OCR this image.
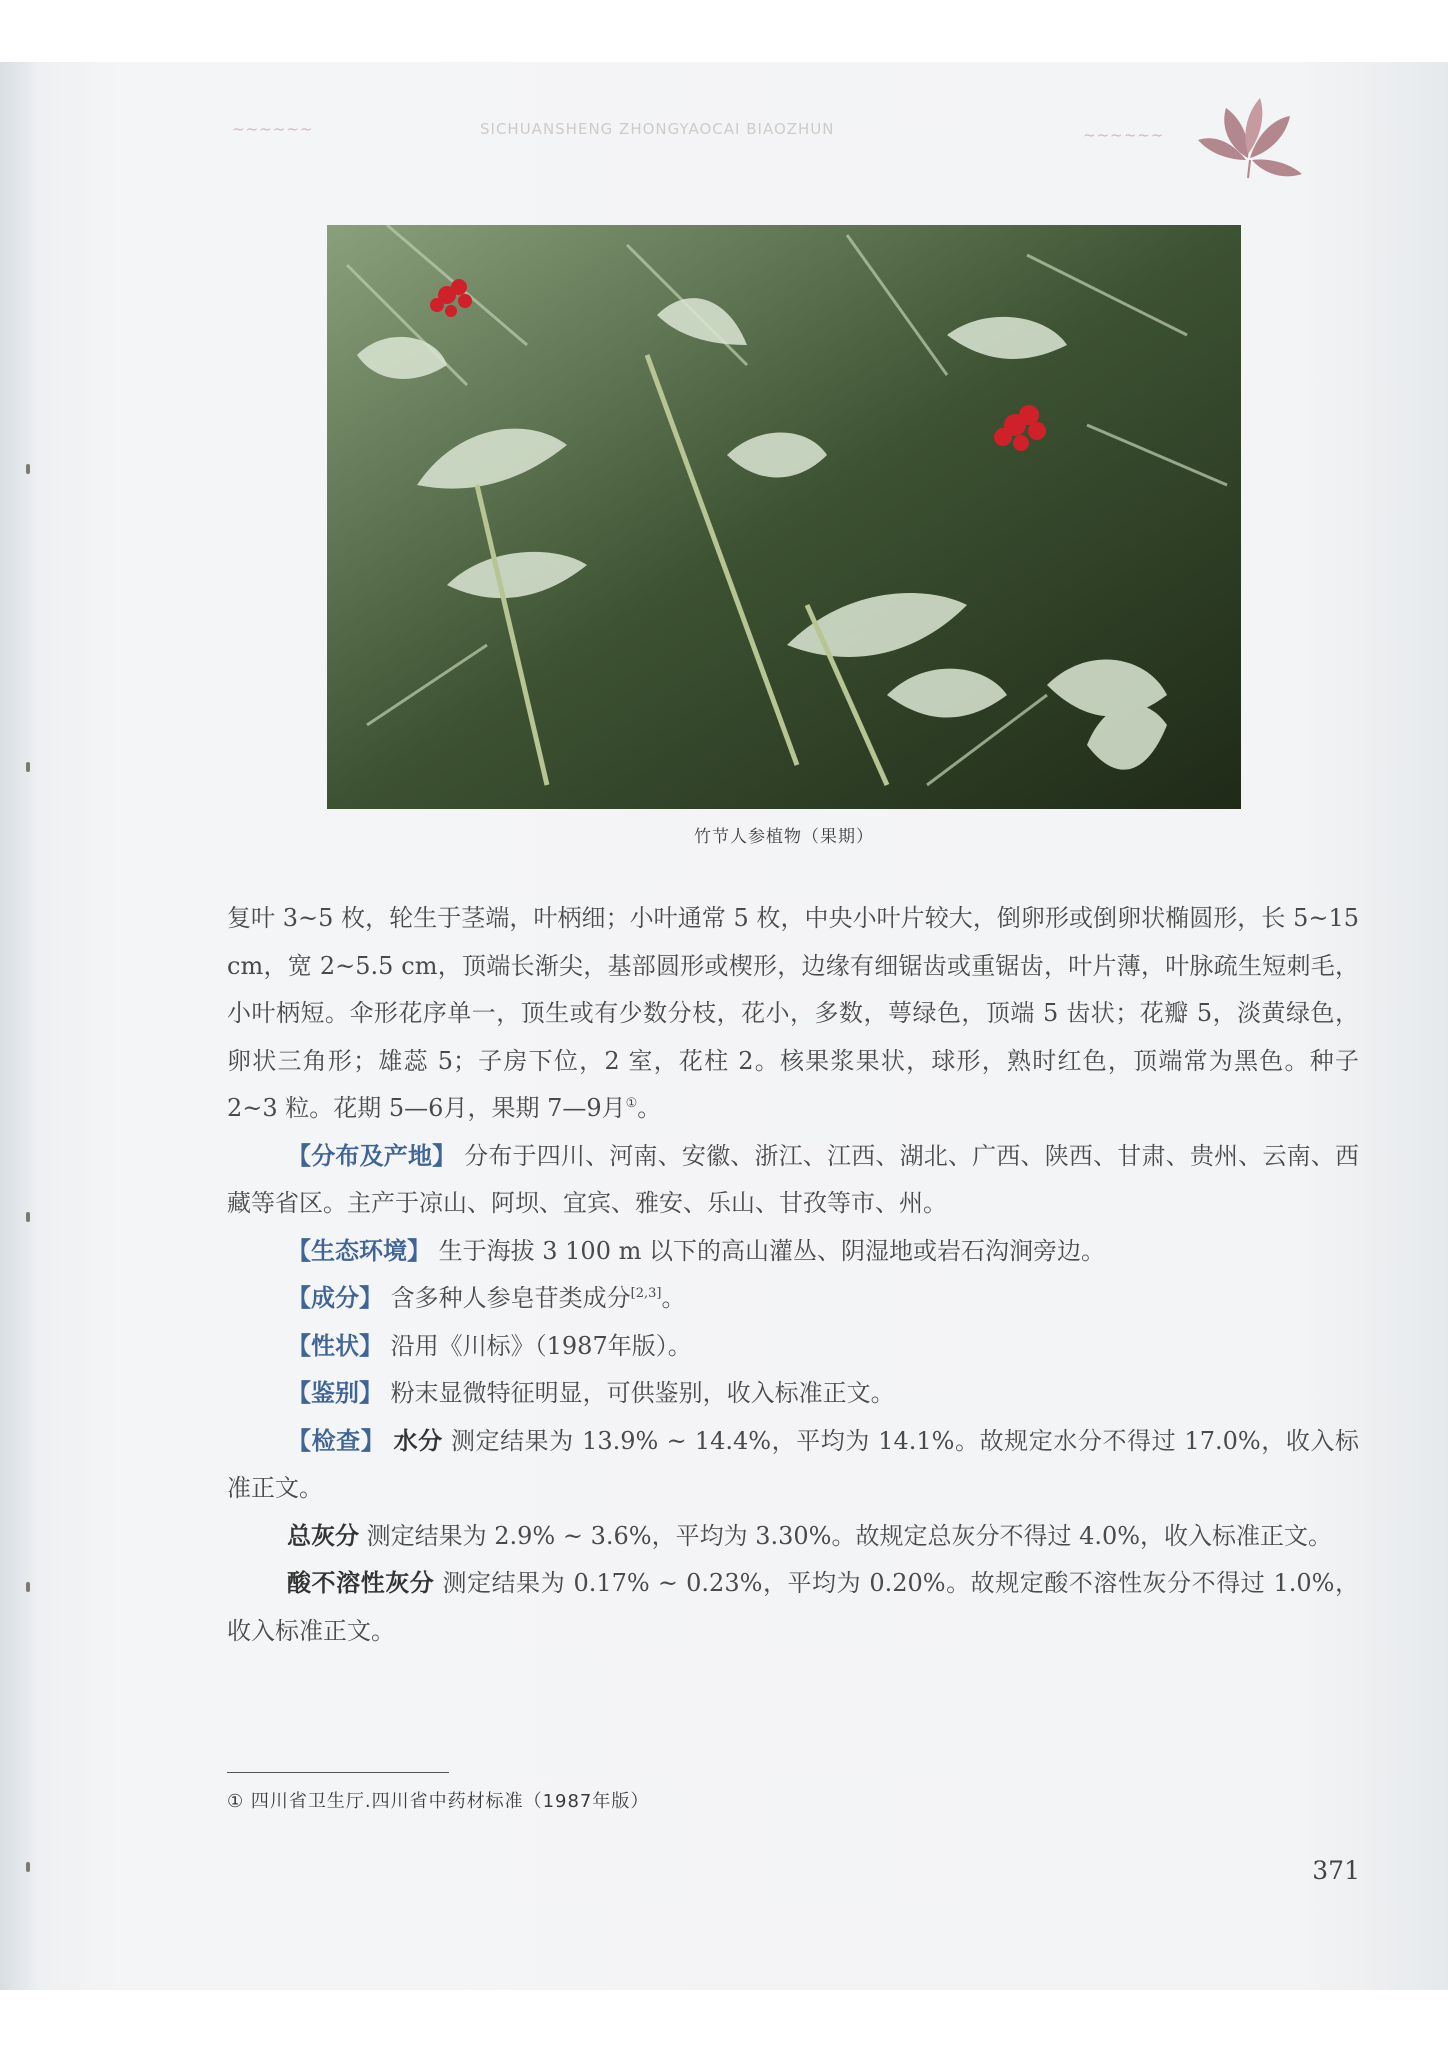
~~~~~~	SICHUANSHENG ZHONGYAOCAI BIAOZHUN	~~~~~~
竹节人参植物（果期）

复叶 3~5 枚，轮生于茎端，叶柄细；小叶通常 5 枚，中央小叶片较大，倒卵形或倒卵状椭圆形，长 5~15 cm，宽 2~5.5 cm，顶端长渐尖，基部圆形或楔形，边缘有细锯齿或重锯齿，叶片薄，叶脉疏生短刺毛，小叶柄短。伞形花序单一，顶生或有少数分枝，花小，多数，萼绿色，顶端 5 齿状；花瓣 5，淡黄绿色，卵状三角形；雄蕊 5；子房下位，2 室，花柱 2。核果浆果状，球形，熟时红色，顶端常为黑色。种子 2~3 粒。花期 5—6月，果期 7—9月①。

【分布及产地】 分布于四川、河南、安徽、浙江、江西、湖北、广西、陕西、甘肃、贵州、云南、西藏等省区。主产于凉山、阿坝、宜宾、雅安、乐山、甘孜等市、州。

【生态环境】 生于海拔 3 100 m 以下的高山灌丛、阴湿地或岩石沟涧旁边。

【成分】 含多种人参皂苷类成分[2,3]。

【性状】 沿用《川标》（1987年版）。

【鉴别】 粉末显微特征明显，可供鉴别，收入标准正文。

【检查】 水分 测定结果为 13.9% ~ 14.4%，平均为 14.1%。故规定水分不得过 17.0%，收入标准正文。

总灰分 测定结果为 2.9% ~ 3.6%，平均为 3.30%。故规定总灰分不得过 4.0%，收入标准正文。

酸不溶性灰分 测定结果为 0.17% ~ 0.23%，平均为 0.20%。故规定酸不溶性灰分不得过 1.0%，收入标准正文。

① 四川省卫生厅.四川省中药材标准（1987年版）
371
